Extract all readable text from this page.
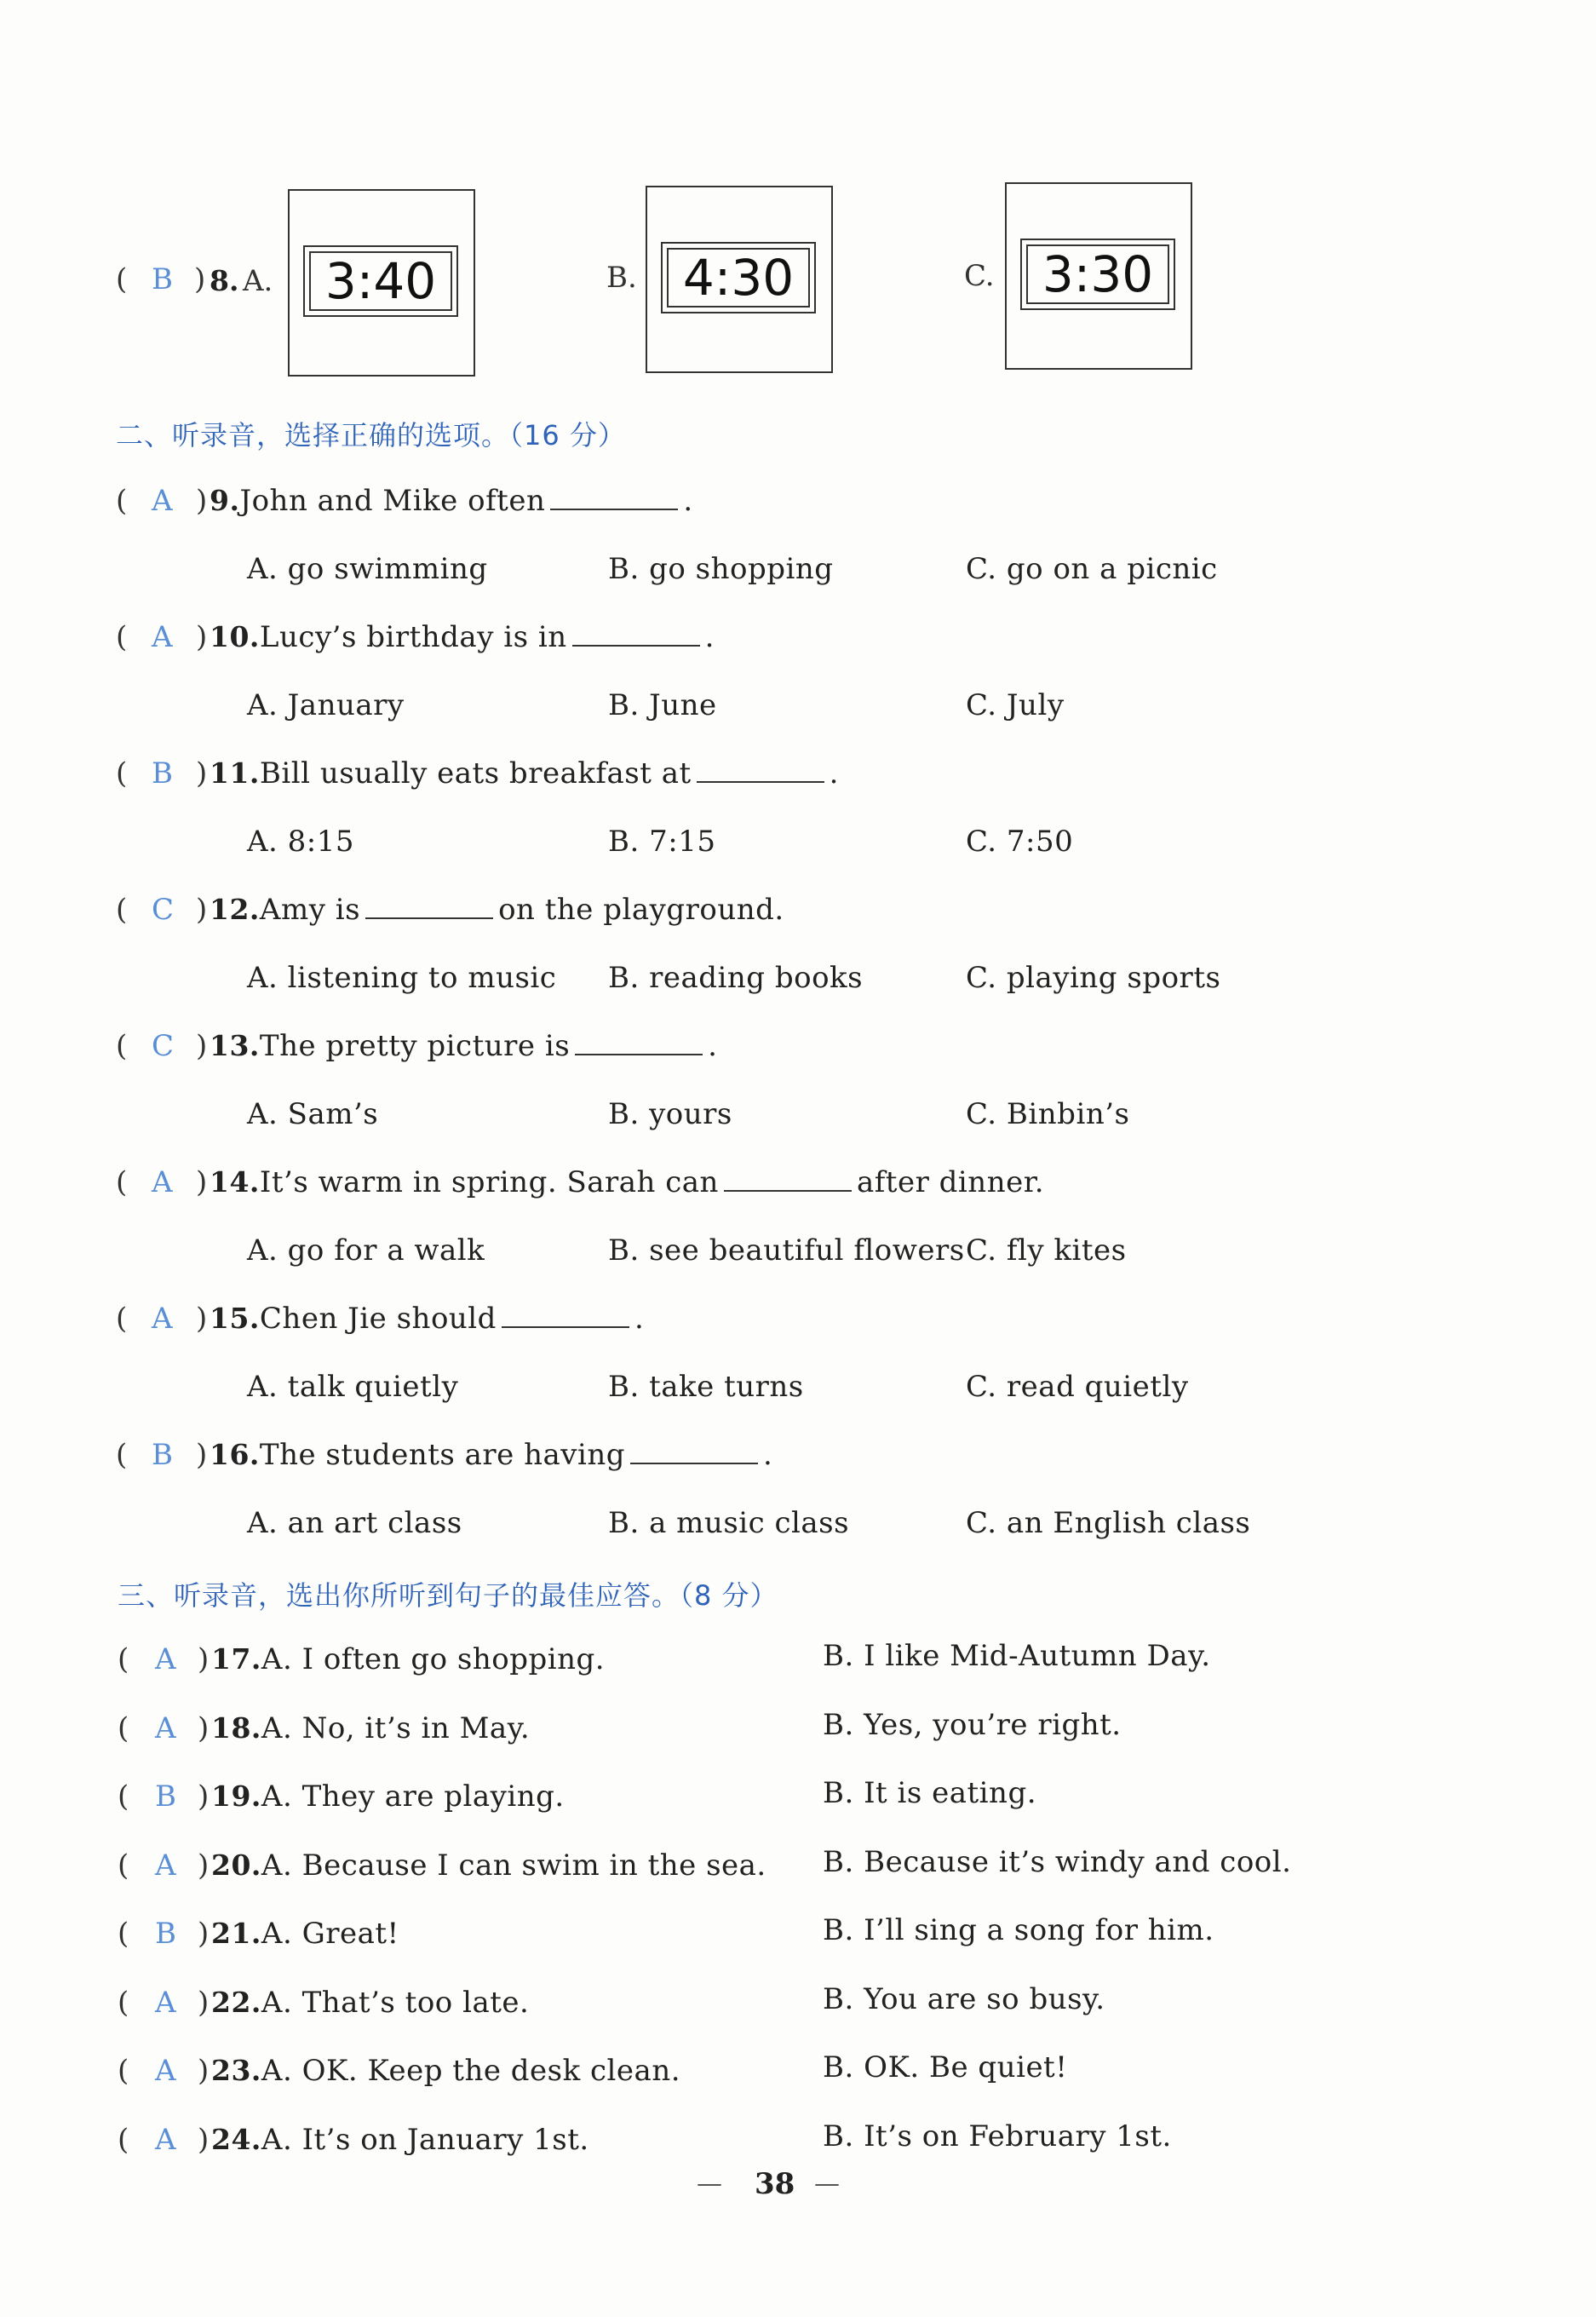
( B ) 8. A.	3:40	B. 4:30	C. 3:30
二、听录音，选择正确的选项。（16 分）
( A ) 9.John and Mike often	.
A. go swimming	B. go shopping	C. go on a picnic
( A ) 10.Lucy’s birthday is in	.
A. January	B. June	C. July
( B ) 11.Bill usually eats breakfast at	.
A. 8:15	B. 7:15	C. 7:50
( C ) 12.Amy is	on the playground.
A. listening to music B. reading books	C. playing sports
( C ) 13.The pretty picture is	.
A. Sam’s	B. yours	C. Binbin’s
( A ) 14.It’s warm in spring. Sarah can	after dinner.
A. go for a walk	B. see beautiful flowers C. fly kites
( A ) 15.Chen Jie should	.
A. talk quietly	B. take turns	C. read quietly
( B ) 16.The students are having	.
A. an art class	B. a music class	C. an English class
三、听录音，选出你所听到句子的最佳应答。（8 分）
( A ) 17.A. I often go shopping.	B. I like Mid-Autumn Day.
( A ) 18.A. No, it’s in May.	B. Yes, you’re right.
( B ) 19.A. They are playing.	B. It is eating.
( A ) 20.A. Because I can swim in the sea. B. Because it’s windy and cool.
( B ) 21.A. Great!	B. I’ll sing a song for him.
( A ) 22.A. That’s too late.	B. You are so busy.
( A ) 23.A. OK. Keep the desk clean.	B. OK. Be quiet!
( A ) 24.A. It’s on January 1st.	B. It’s on February 1st.
— 38 —
